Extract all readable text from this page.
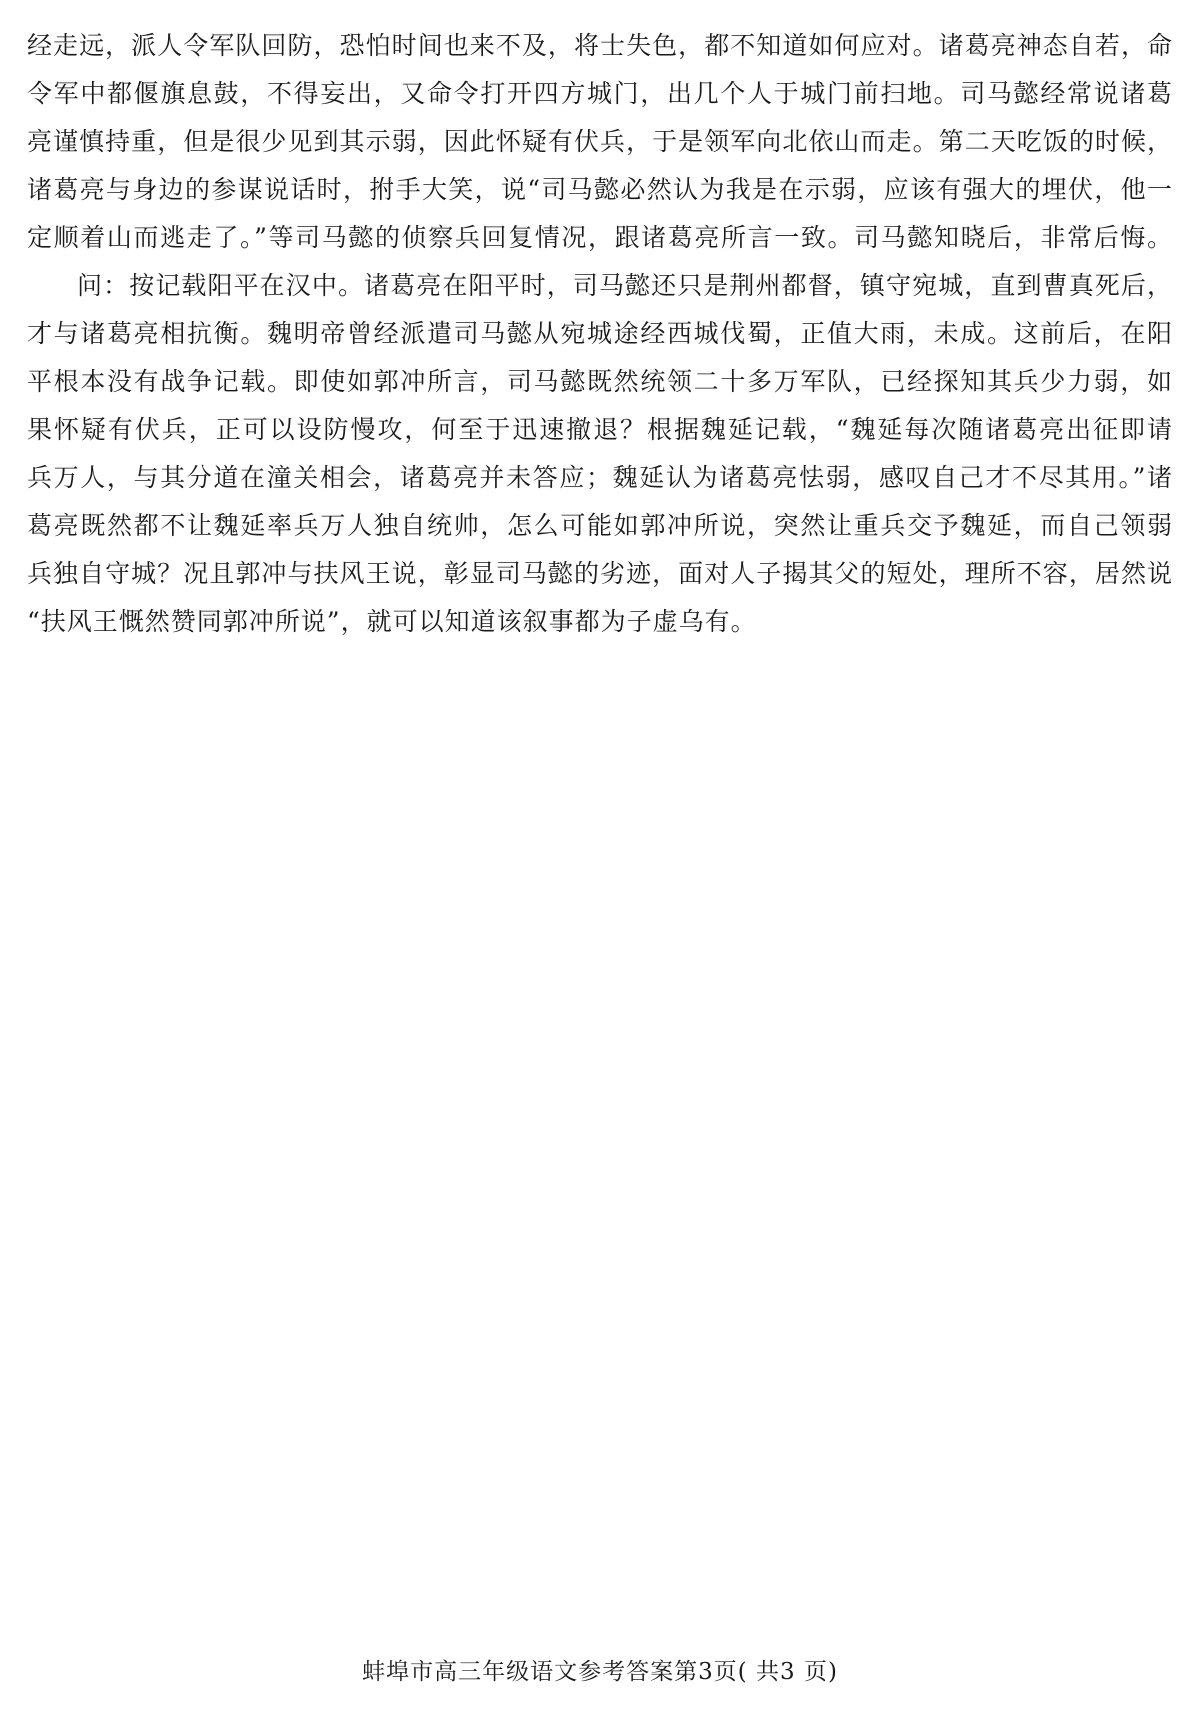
经走远，派人令军队回防，恐怕时间也来不及，将士失色，都不知道如何应对。诸葛亮神态自若，命
令军中都偃旗息鼓，不得妄出，又命令打开四方城门，出几个人于城门前扫地。司马懿经常说诸葛
亮谨慎持重，但是很少见到其示弱，因此怀疑有伏兵，于是领军向北依山而走。第二天吃饭的时候，
诸葛亮与身边的参谋说话时，拊手大笑，说“司马懿必然认为我是在示弱，应该有强大的埋伏，他一
定顺着山而逃走了。”等司马懿的侦察兵回复情况，跟诸葛亮所言一致。司马懿知晓后，非常后悔。
问：按记载阳平在汉中。诸葛亮在阳平时，司马懿还只是荆州都督，镇守宛城，直到曹真死后，
才与诸葛亮相抗衡。魏明帝曾经派遣司马懿从宛城途经西城伐蜀，正值大雨，未成。这前后，在阳
平根本没有战争记载。即使如郭冲所言，司马懿既然统领二十多万军队，已经探知其兵少力弱，如
果怀疑有伏兵，正可以设防慢攻，何至于迅速撤退？根据魏延记载，“魏延每次随诸葛亮出征即请
兵万人，与其分道在潼关相会，诸葛亮并未答应；魏延认为诸葛亮怯弱，感叹自己才不尽其用。”诸
葛亮既然都不让魏延率兵万人独自统帅，怎么可能如郭冲所说，突然让重兵交予魏延，而自己领弱
兵独自守城？况且郭冲与扶风王说，彰显司马懿的劣迹，面对人子揭其父的短处，理所不容，居然说
“扶风王慨然赞同郭冲所说”，就可以知道该叙事都为子虚乌有。
蚌埠市高三年级语文参考答案第3页( 共3 页)
